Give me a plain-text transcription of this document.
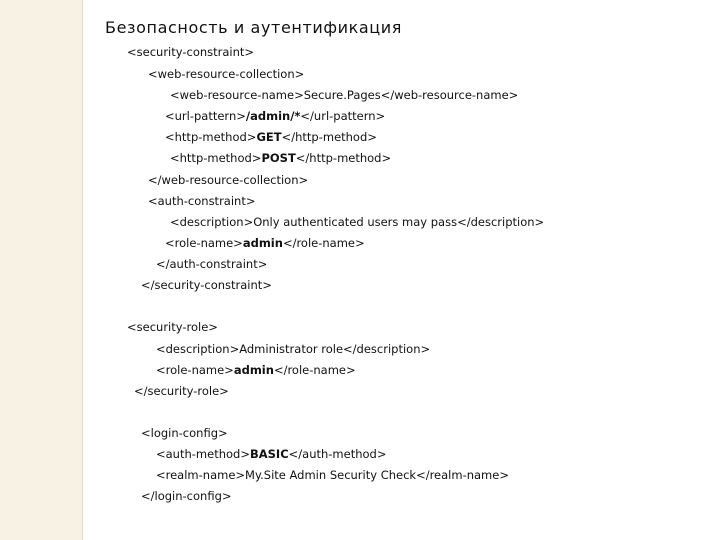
Безопасность и аутентификация
<security-constraint>
<web-resource-collection>
<web-resource-name>Secure.Pages</web-resource-name>
<url-pattern>/admin/*</url-pattern>
<http-method>GET</http-method>
<http-method>POST</http-method>
</web-resource-collection>
<auth-constraint>
<description>Only authenticated users may pass</description>
<role-name>admin</role-name>
</auth-constraint>
</security-constraint>
<security-role>
<description>Administrator role</description>
<role-name>admin</role-name>
</security-role>
<login-config>
<auth-method>BASIC</auth-method>
<realm-name>My.Site Admin Security Check</realm-name>
</login-config>
